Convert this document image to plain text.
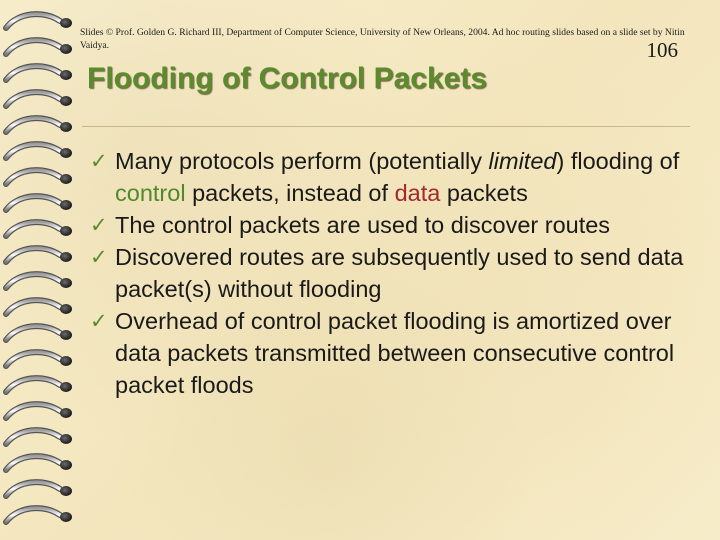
Slides © Prof. Golden G. Richard III, Department of Computer Science, University of New Orleans, 2004. Ad hoc routing slides based on a slide set by Nitin Vaidya.	106
Flooding of Control Packets
✓ Many protocols perform (potentially limited) flooding of control packets, instead of data packets
✓ The control packets are used to discover routes
✓ Discovered routes are subsequently used to send data packet(s) without flooding
✓ Overhead of control packet flooding is amortized over data packets transmitted between consecutive control packet floods
